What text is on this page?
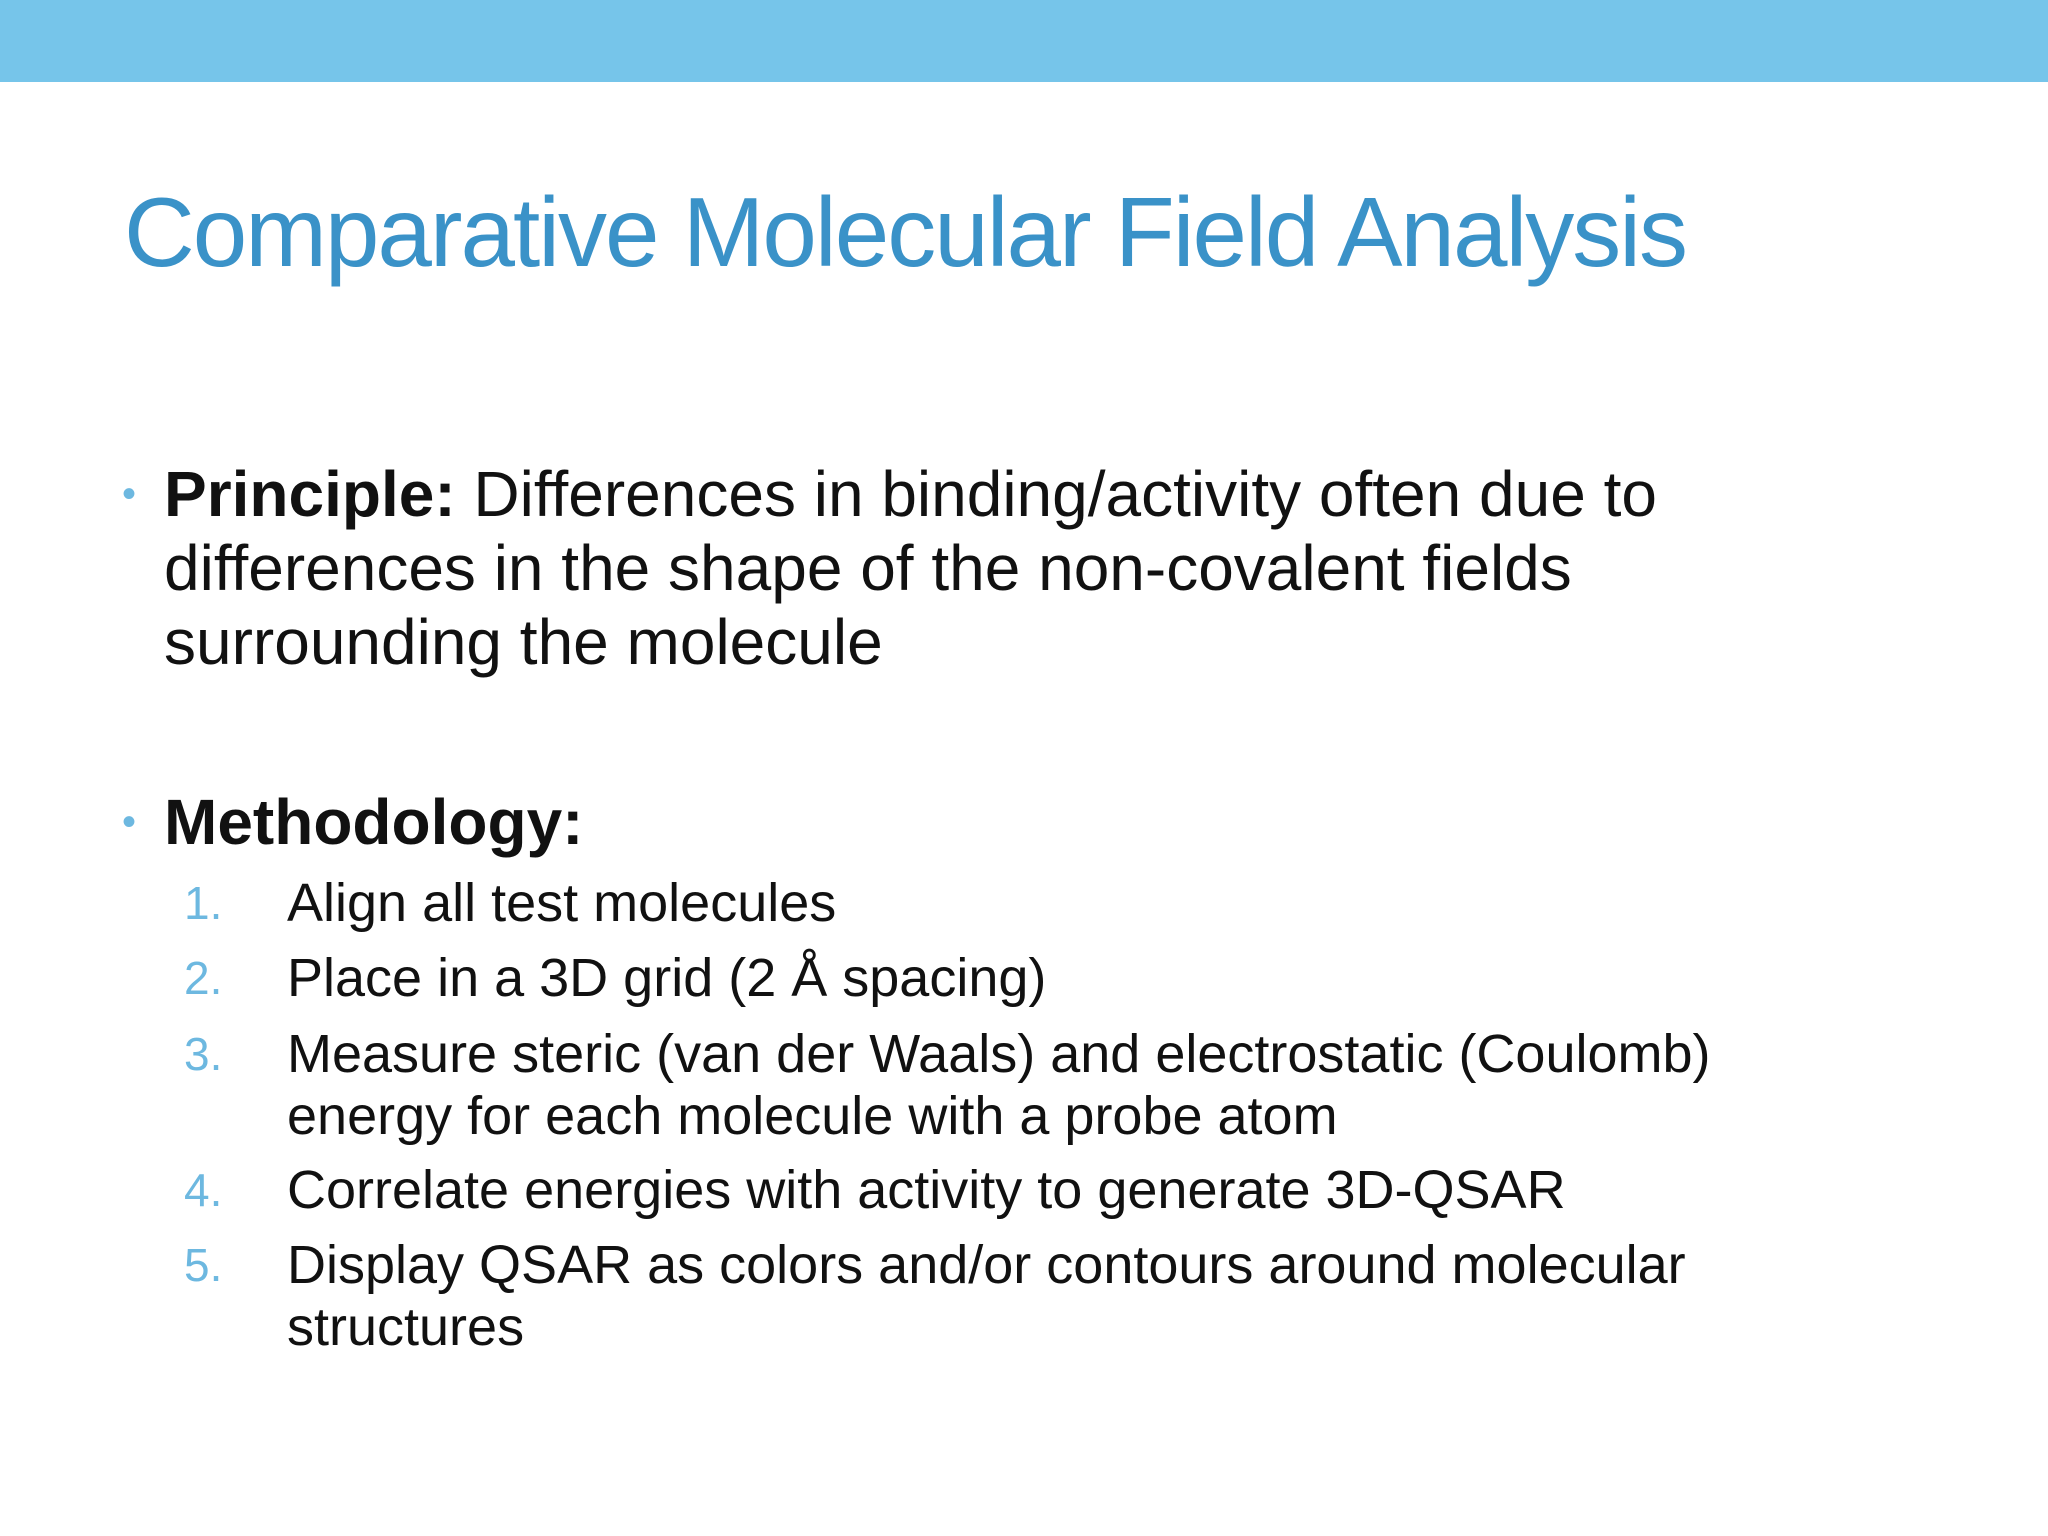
Comparative Molecular Field Analysis
• Principle: Differences in binding/activity often due to differences in the shape of the non-covalent fields surrounding the molecule
• Methodology:
1. Align all test molecules
2. Place in a 3D grid (2 Å spacing)
3. Measure steric (van der Waals) and electrostatic (Coulomb) energy for each molecule with a probe atom
4. Correlate energies with activity to generate 3D-QSAR
5. Display QSAR as colors and/or contours around molecular structures
